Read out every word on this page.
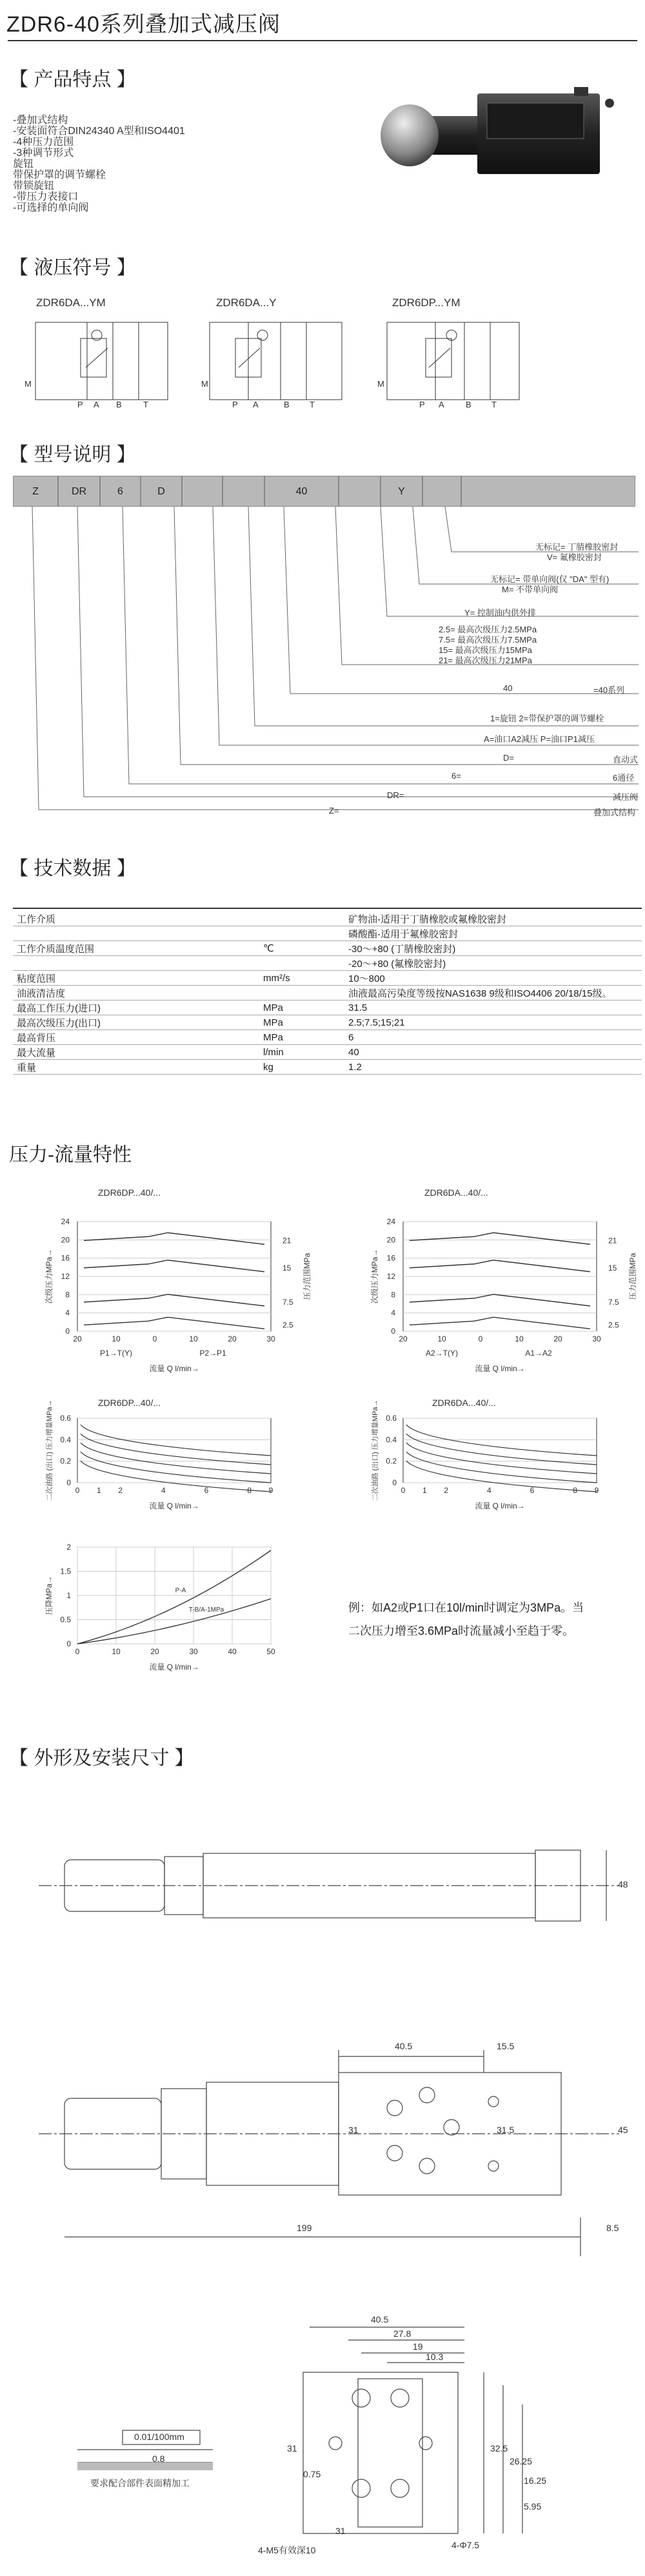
ZDR6-40系列叠加式减压阀
【 产品特点 】
-叠加式结构
-安装面符合DIN24340 A型和ISO4401
-4种压力范围
-3种调节形式
旋钮
带保护罩的调节螺栓
带锁旋钮
-带压力表接口
-可选择的单向阀
【 液压符号 】
ZDR6DA...YM	ZDR6DA...Y	ZDR6DP...YM
M
P A B	T
M
P A	B T
M
P A	B T
【 型号说明 】
Z	DR	6	D	40	Y
无标记= 丁腈橡胶密封
V= 氟橡胶密封
无标记= 带单向阀(仅 "DA" 型有)
M= 不带单向阀
Y= 控制油内供外排
2.5= 最高次级压力2.5MPa
7.5= 最高次级压力7.5MPa
15= 最高次级压力15MPa
21= 最高次级压力21MPa
40	=40系列
1=旋钮 2=带保护罩的调节螺栓
A=油口A2减压 P=油口P1减压
D=	直动式
6=	6通径
DR=	减压阀
Z=	叠加式结构
【 技术数据 】
工作介质		矿物油-适用于丁腈橡胶或氟橡胶密封
		磷酸酯-适用于氟橡胶密封
工作介质温度范围	℃	-30～+80 (丁腈橡胶密封)
		-20～+80 (氟橡胶密封)
粘度范围	mm²/s	10～800
油液清洁度		油液最高污染度等级按NAS1638 9级和ISO4406 20/18/15级。
最高工作压力(进口)	MPa	31.5
最高次级压力(出口)	MPa	2.5;7.5;15;21
最高背压	MPa	6
最大流量	l/min	40
重量	kg	1.2
压力-流量特性
ZDR6DP...40/...	ZDR6DA...40/...
ZDR6DP...40/...	ZDR6DA...40/...
24
20
16
12
8
4
0
20	10	0	10	20	30
P1→T(Y)	P2→P1
流量 Q l/min→
次级压力MPa→	压力范围MPa
21
15
7.5
2.5
24
20
16
12
8
4
0
20	10	0	10	20	30
A2→T(Y)	A1→A2
流量 Q l/min→
次级压力MPa→	压力范围MPa
21
15
7.5
2.5
0.6
0.4
0.2
0
0 1 2	4	6	8 9
流量 Q l/min→
二次油路 (出口) 压力增量MPa→	0.6
0.4
0.2
0
0 1 2	4	6	8 9
流量 Q l/min→
二次油路 (出口) 压力增量MPa→
2
1.5
1
0.5
0
0	10	20	30	40	50
流量 Q l/min→
压降MPa→	P-A
T-B/A-1MPa	例：如A2或P1口在10l/min时调定为3MPa。当
二次压力增至3.6MPa时流量减小至趋于零。
【 外形及安装尺寸 】
48
40.5	15.5
31	31.5	45
199	8.5
40.5
27.8
19
10.3
31
0.75
32.5
26.25
16.25
5.95
4-Φ7.5
4-M5有效深10
31
0.01/100mm
0.8
要求配合部件表面精加工
